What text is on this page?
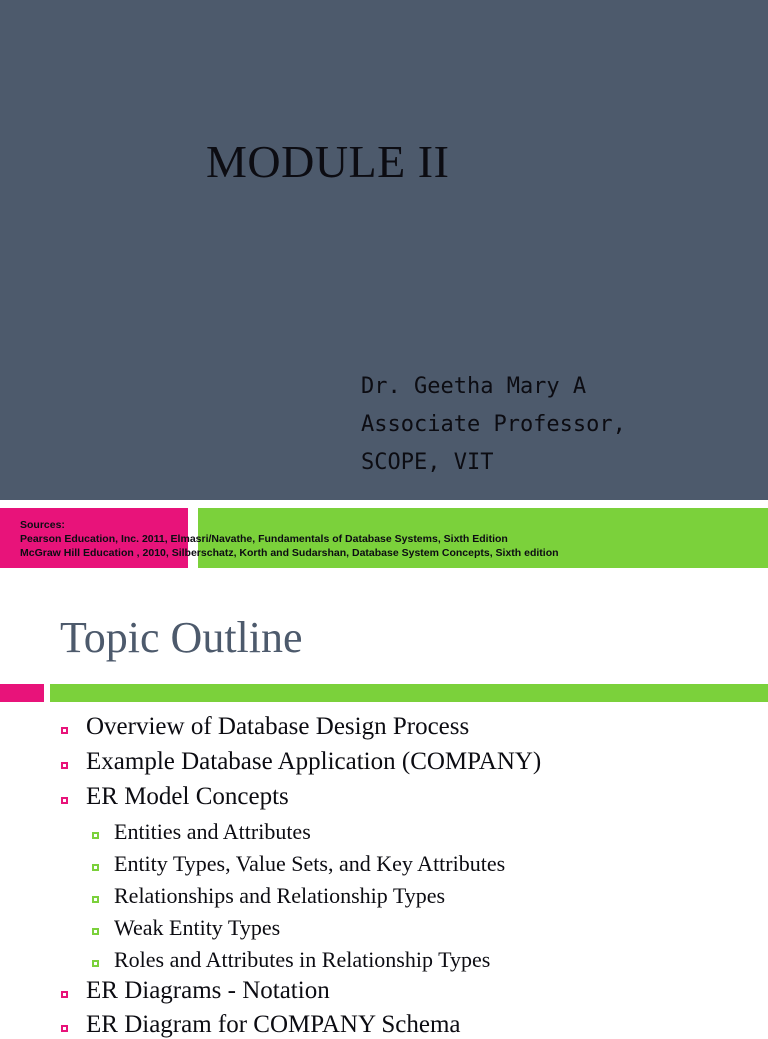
MODULE II
Dr. Geetha Mary A
Associate Professor,
SCOPE, VIT
Sources:
Pearson Education, Inc. 2011, Elmasri/Navathe, Fundamentals of Database Systems, Sixth Edition
McGraw Hill Education , 2010, Silberschatz, Korth and Sudarshan, Database System Concepts, Sixth edition
Topic Outline
Overview of Database Design Process
Example Database Application (COMPANY)
ER Model Concepts
Entities and Attributes
Entity Types, Value Sets, and Key Attributes
Relationships and Relationship Types
Weak Entity Types
Roles and Attributes in Relationship Types
ER Diagrams - Notation
ER Diagram for COMPANY Schema
